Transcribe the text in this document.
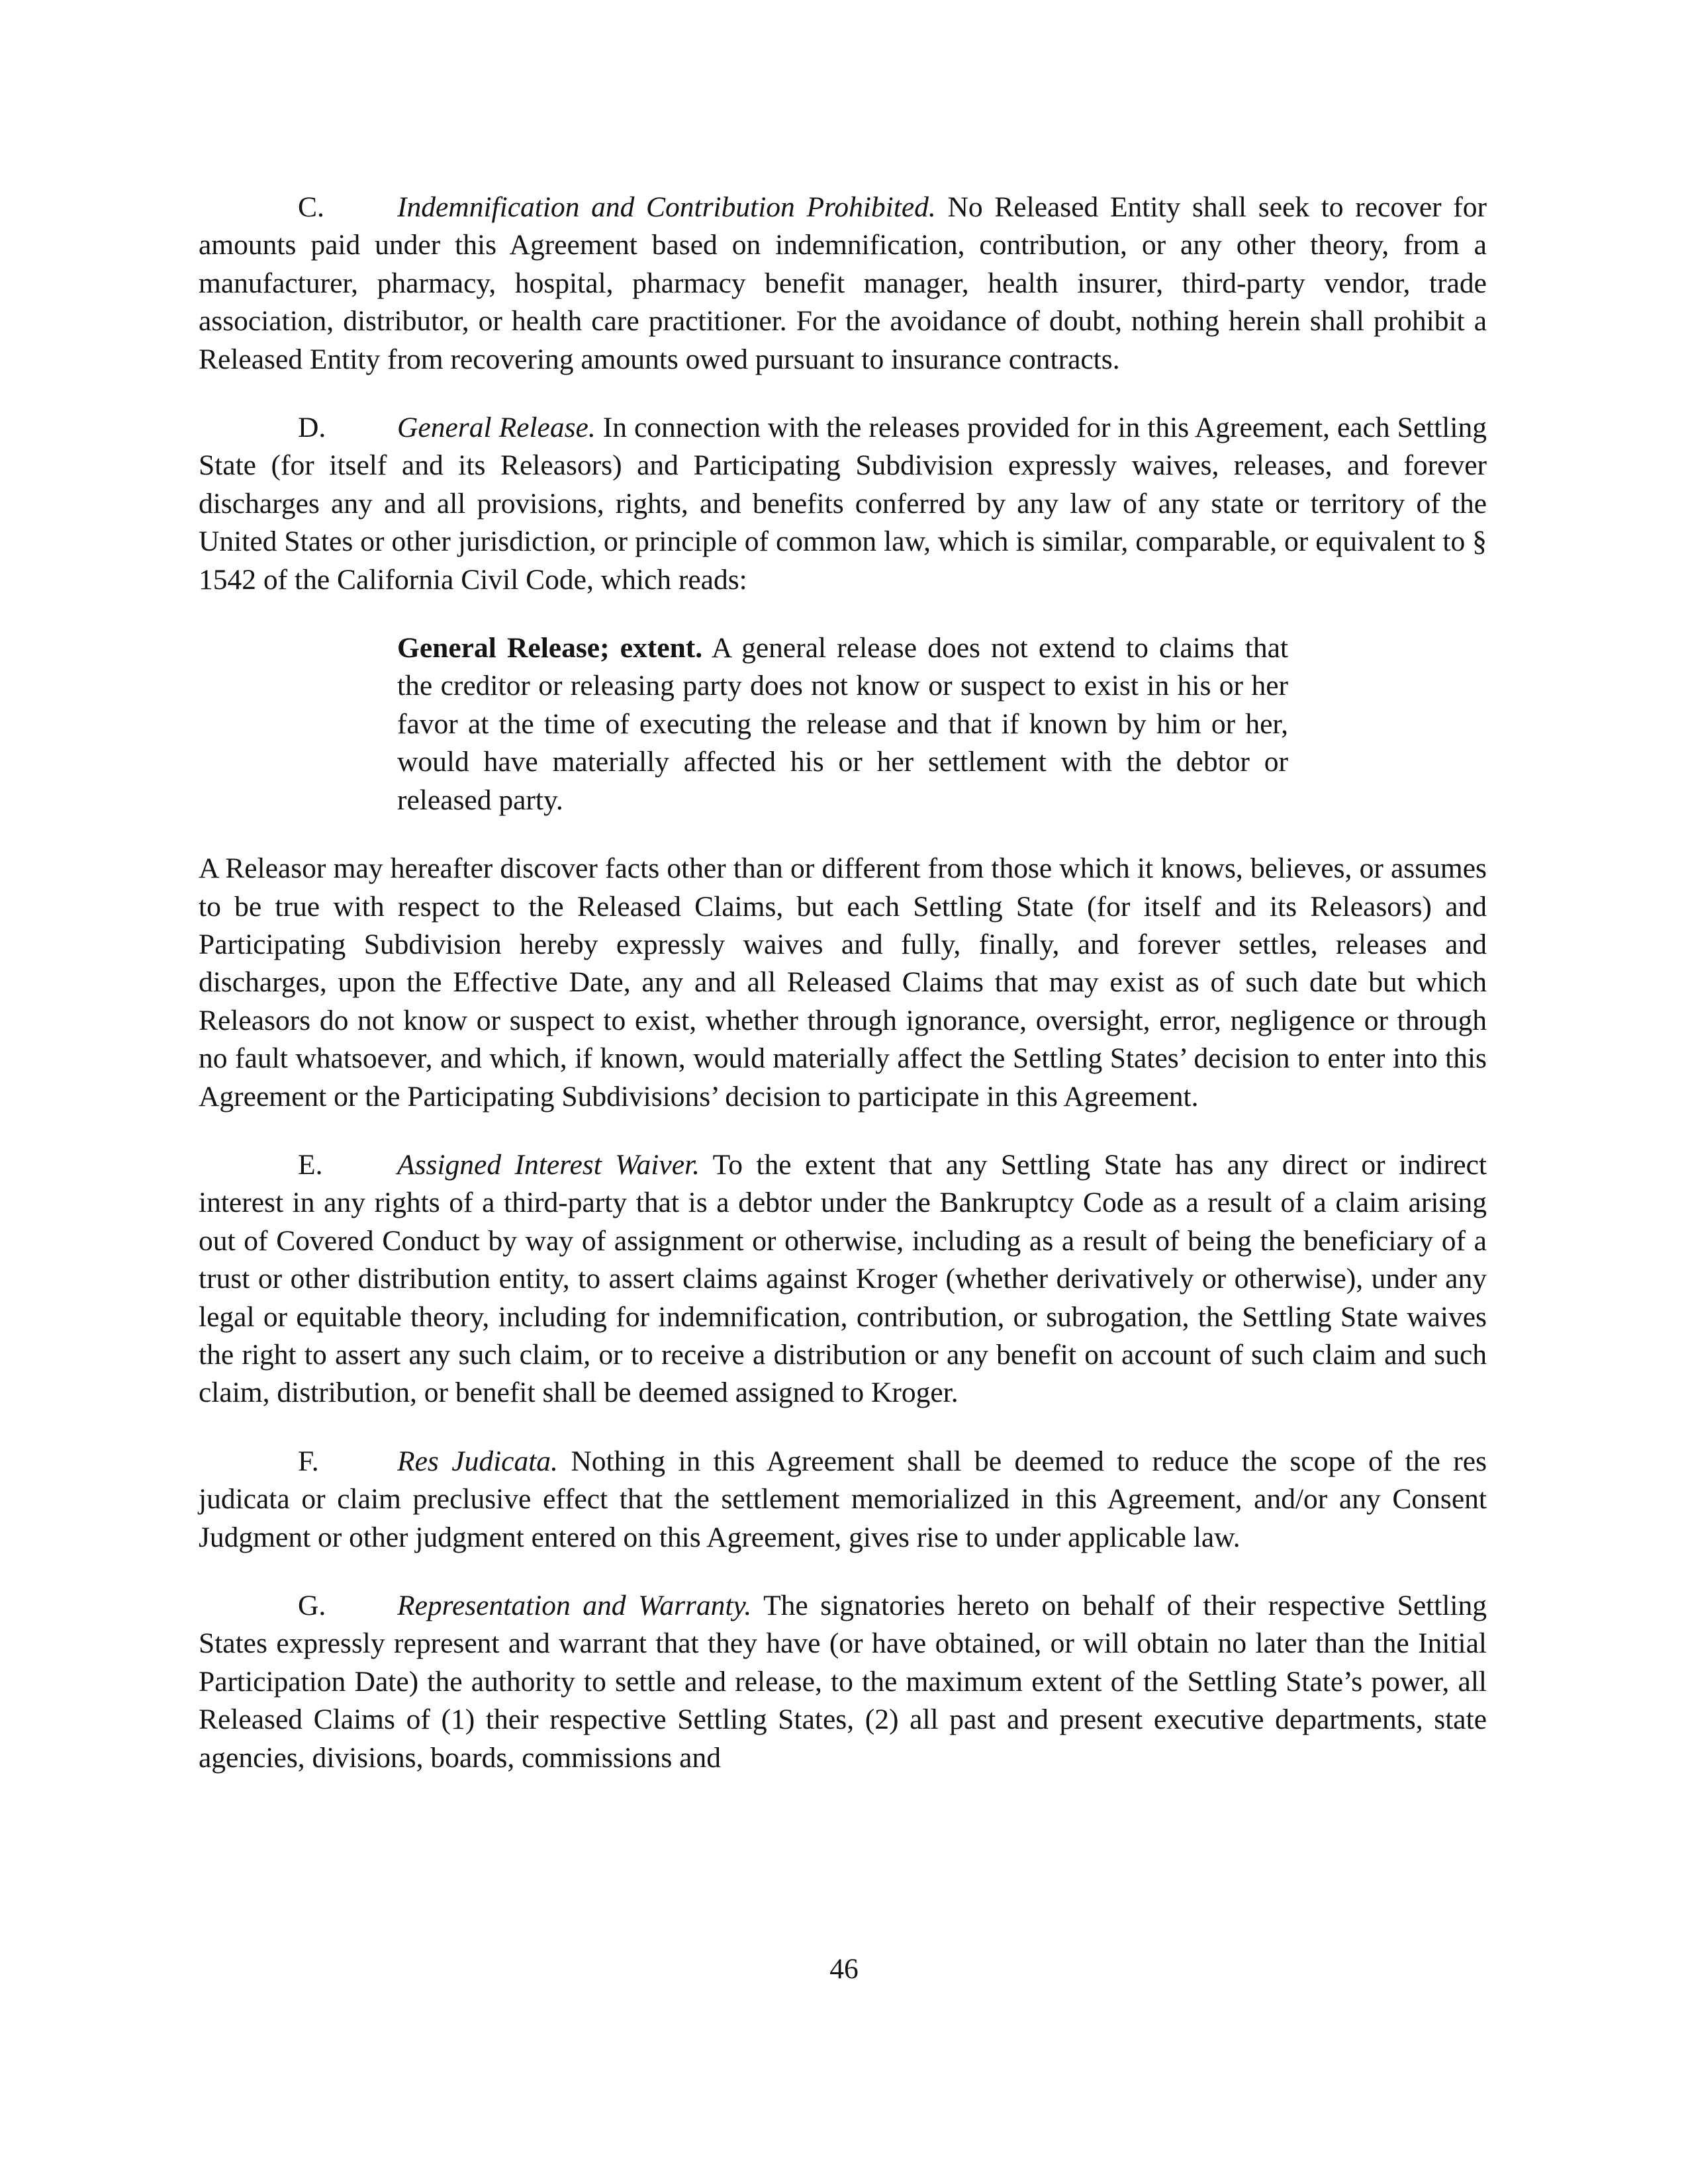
C.	Indemnification and Contribution Prohibited. No Released Entity shall seek to recover for amounts paid under this Agreement based on indemnification, contribution, or any other theory, from a manufacturer, pharmacy, hospital, pharmacy benefit manager, health insurer, third-party vendor, trade association, distributor, or health care practitioner. For the avoidance of doubt, nothing herein shall prohibit a Released Entity from recovering amounts owed pursuant to insurance contracts.

D. General Release. In connection with the releases provided for in this Agreement, each Settling State (for itself and its Releasors) and Participating Subdivision expressly waives, releases, and forever discharges any and all provisions, rights, and benefits conferred by any law of any state or territory of the United States or other jurisdiction, or principle of common law, which is similar, comparable, or equivalent to § 1542 of the California Civil Code, which reads:

General Release; extent. A general release does not extend to claims that the creditor or releasing party does not know or suspect to exist in his or her favor at the time of executing the release and that if known by him or her, would have materially affected his or her settlement with the debtor or released party.

A Releasor may hereafter discover facts other than or different from those which it knows, believes, or assumes to be true with respect to the Released Claims, but each Settling State (for itself and its Releasors) and Participating Subdivision hereby expressly waives and fully, finally, and forever settles, releases and discharges, upon the Effective Date, any and all Released Claims that may exist as of such date but which Releasors do not know or suspect to exist, whether through ignorance, oversight, error, negligence or through no fault whatsoever, and which, if known, would materially affect the Settling States’ decision to enter into this Agreement or the Participating Subdivisions’ decision to participate in this Agreement.

E.	Assigned Interest Waiver. To the extent that any Settling State has any direct or indirect interest in any rights of a third-party that is a debtor under the Bankruptcy Code as a result of a claim arising out of Covered Conduct by way of assignment or otherwise, including as a result of being the beneficiary of a trust or other distribution entity, to assert claims against Kroger (whether derivatively or otherwise), under any legal or equitable theory, including for indemnification, contribution, or subrogation, the Settling State waives the right to assert any such claim, or to receive a distribution or any benefit on account of such claim and such claim, distribution, or benefit shall be deemed assigned to Kroger.

F.	Res Judicata. Nothing in this Agreement shall be deemed to reduce the scope of the res judicata or claim preclusive effect that the settlement memorialized in this Agreement, and/or any Consent Judgment or other judgment entered on this Agreement, gives rise to under applicable law.

G. Representation and Warranty. The signatories hereto on behalf of their respective Settling States expressly represent and warrant that they have (or have obtained, or will obtain no later than the Initial Participation Date) the authority to settle and release, to the maximum extent of the Settling State’s power, all Released Claims of (1) their respective Settling States, (2) all past and present executive departments, state agencies, divisions, boards, commissions and

46
